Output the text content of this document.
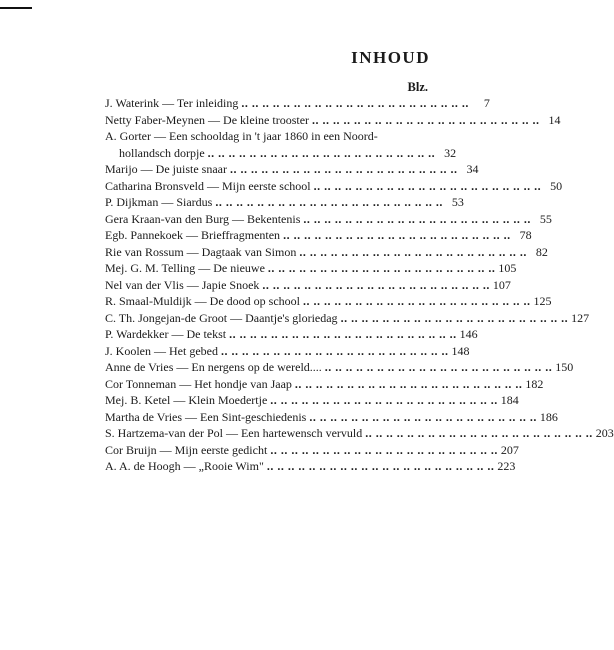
INHOUD
Blz.
J. Waterink — Ter inleiding .. .. .. .. .. .. .. .. .. .. .. .. .. .. .. .. .. .. .. .. .. ..	7
Netty Faber-Meynen — De kleine trooster .. .. .. .. .. .. .. .. .. .. .. .. .. .. .. .. .. .. .. .. .. .. 14
A. Gorter — Een schooldag in 't jaar 1860 in een Noord-
hollandsch dorpje .. .. .. .. .. .. .. .. .. .. .. .. .. .. .. .. .. .. .. .. .. .. 32
Marijo — De juiste snaar .. .. .. .. .. .. .. .. .. .. .. .. .. .. .. .. .. .. .. .. .. .. 34
Catharina Bronsveld — Mijn eerste school .. .. .. .. .. .. .. .. .. .. .. .. .. .. .. .. .. .. .. .. .. .. 50
P. Dijkman — Siardus .. .. .. .. .. .. .. .. .. .. .. .. .. .. .. .. .. .. .. .. .. .. 53
Gera Kraan-van den Burg — Bekentenis .. .. .. .. .. .. .. .. .. .. .. .. .. .. .. .. .. .. .. .. .. .. 55
Egb. Pannekoek — Brieffragmenten .. .. .. .. .. .. .. .. .. .. .. .. .. .. .. .. .. .. .. .. .. .. 78
Rie van Rossum — Dagtaak van Simon .. .. .. .. .. .. .. .. .. .. .. .. .. .. .. .. .. .. .. .. .. .. 82
Mej. G. M. Telling — De nieuwe .. .. .. .. .. .. .. .. .. .. .. .. .. .. .. .. .. .. .. .. .. .. 105
Nel van der Vlis — Japie Snoek .. .. .. .. .. .. .. .. .. .. .. .. .. .. .. .. .. .. .. .. .. .. 107
R. Smaal-Muldijk — De dood op school .. .. .. .. .. .. .. .. .. .. .. .. .. .. .. .. .. .. .. .. .. .. 125
C. Th. Jongejan-de Groot — Daantje's gloriedag .. .. .. .. .. .. .. .. .. .. .. .. .. .. .. .. .. .. .. .. .. .. 127
P. Wardekker — De tekst .. .. .. .. .. .. .. .. .. .. .. .. .. .. .. .. .. .. .. .. .. .. 146
J. Koolen — Het gebed .. .. .. .. .. .. .. .. .. .. .. .. .. .. .. .. .. .. .. .. .. .. 148
Anne de Vries — En nergens op de wereld.... .. .. .. .. .. .. .. .. .. .. .. .. .. .. .. .. .. .. .. .. .. .. 150
Cor Tonneman — Het hondje van Jaap .. .. .. .. .. .. .. .. .. .. .. .. .. .. .. .. .. .. .. .. .. .. 182
Mej. B. Ketel — Klein Moedertje .. .. .. .. .. .. .. .. .. .. .. .. .. .. .. .. .. .. .. .. .. .. 184
Martha de Vries — Een Sint-geschiedenis .. .. .. .. .. .. .. .. .. .. .. .. .. .. .. .. .. .. .. .. .. .. 186
S. Hartzema-van der Pol — Een hartewensch vervuld .. .. .. .. .. .. .. .. .. .. .. .. .. .. .. .. .. .. .. .. .. .. 203
Cor Bruijn — Mijn eerste gedicht .. .. .. .. .. .. .. .. .. .. .. .. .. .. .. .. .. .. .. .. .. .. 207
A. A. de Hoogh — „Rooie Wim" .. .. .. .. .. .. .. .. .. .. .. .. .. .. .. .. .. .. .. .. .. .. 223
